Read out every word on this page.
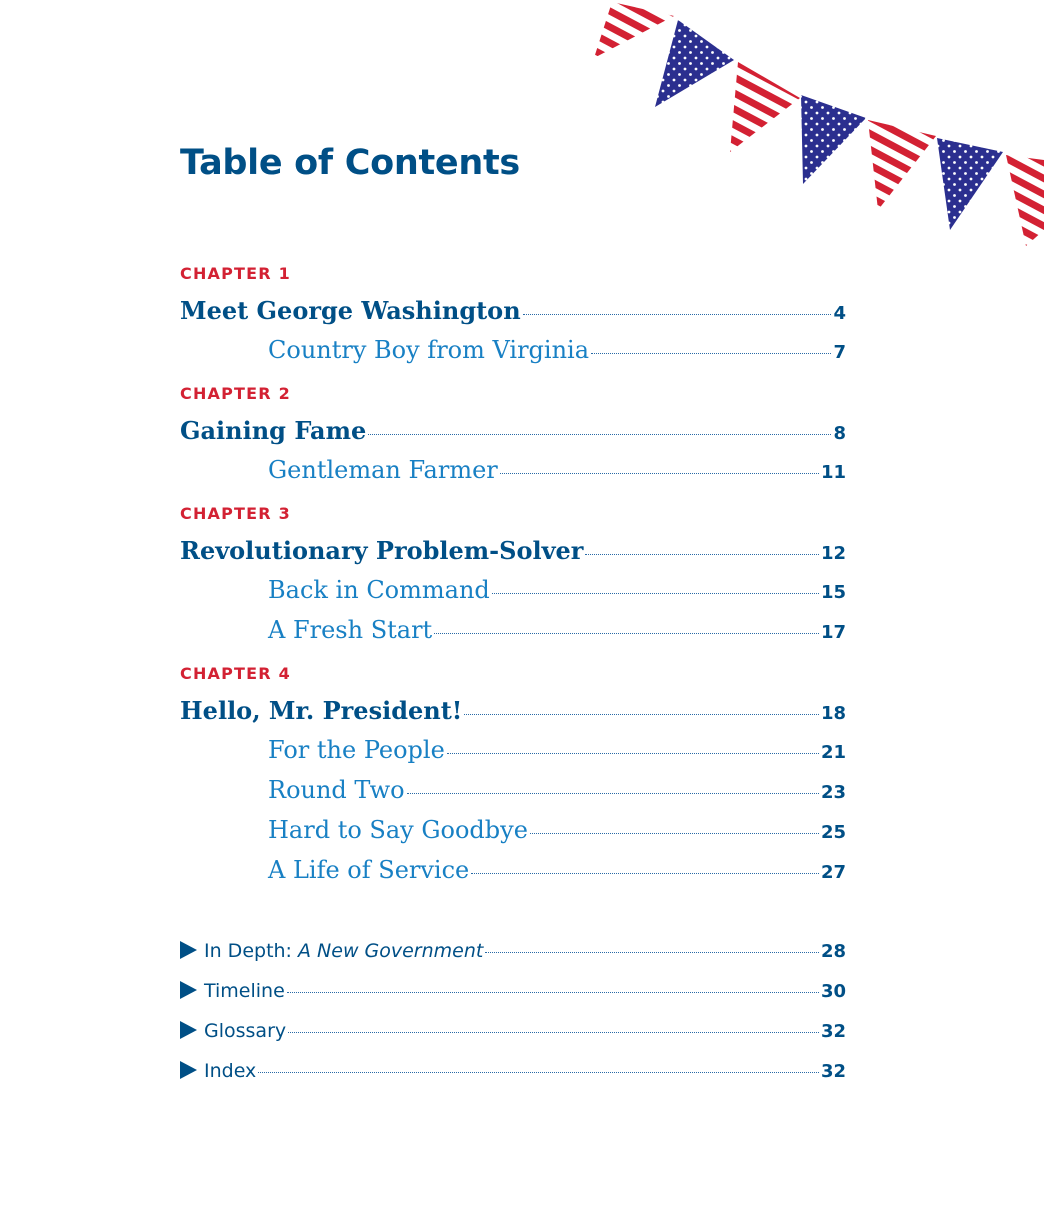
Table of Contents
CHAPTER 1
Meet George Washington	4
Country Boy from Virginia	7
CHAPTER 2
Gaining Fame	8
Gentleman Farmer	11
CHAPTER 3
Revolutionary Problem-Solver	12
Back in Command	15
A Fresh Start	17
CHAPTER 4
Hello, Mr. President!	18
For the People	21
Round Two	23
Hard to Say Goodbye	25
A Life of Service	27
In Depth: A New Government	28
Timeline	30
Glossary	32
Index	32
